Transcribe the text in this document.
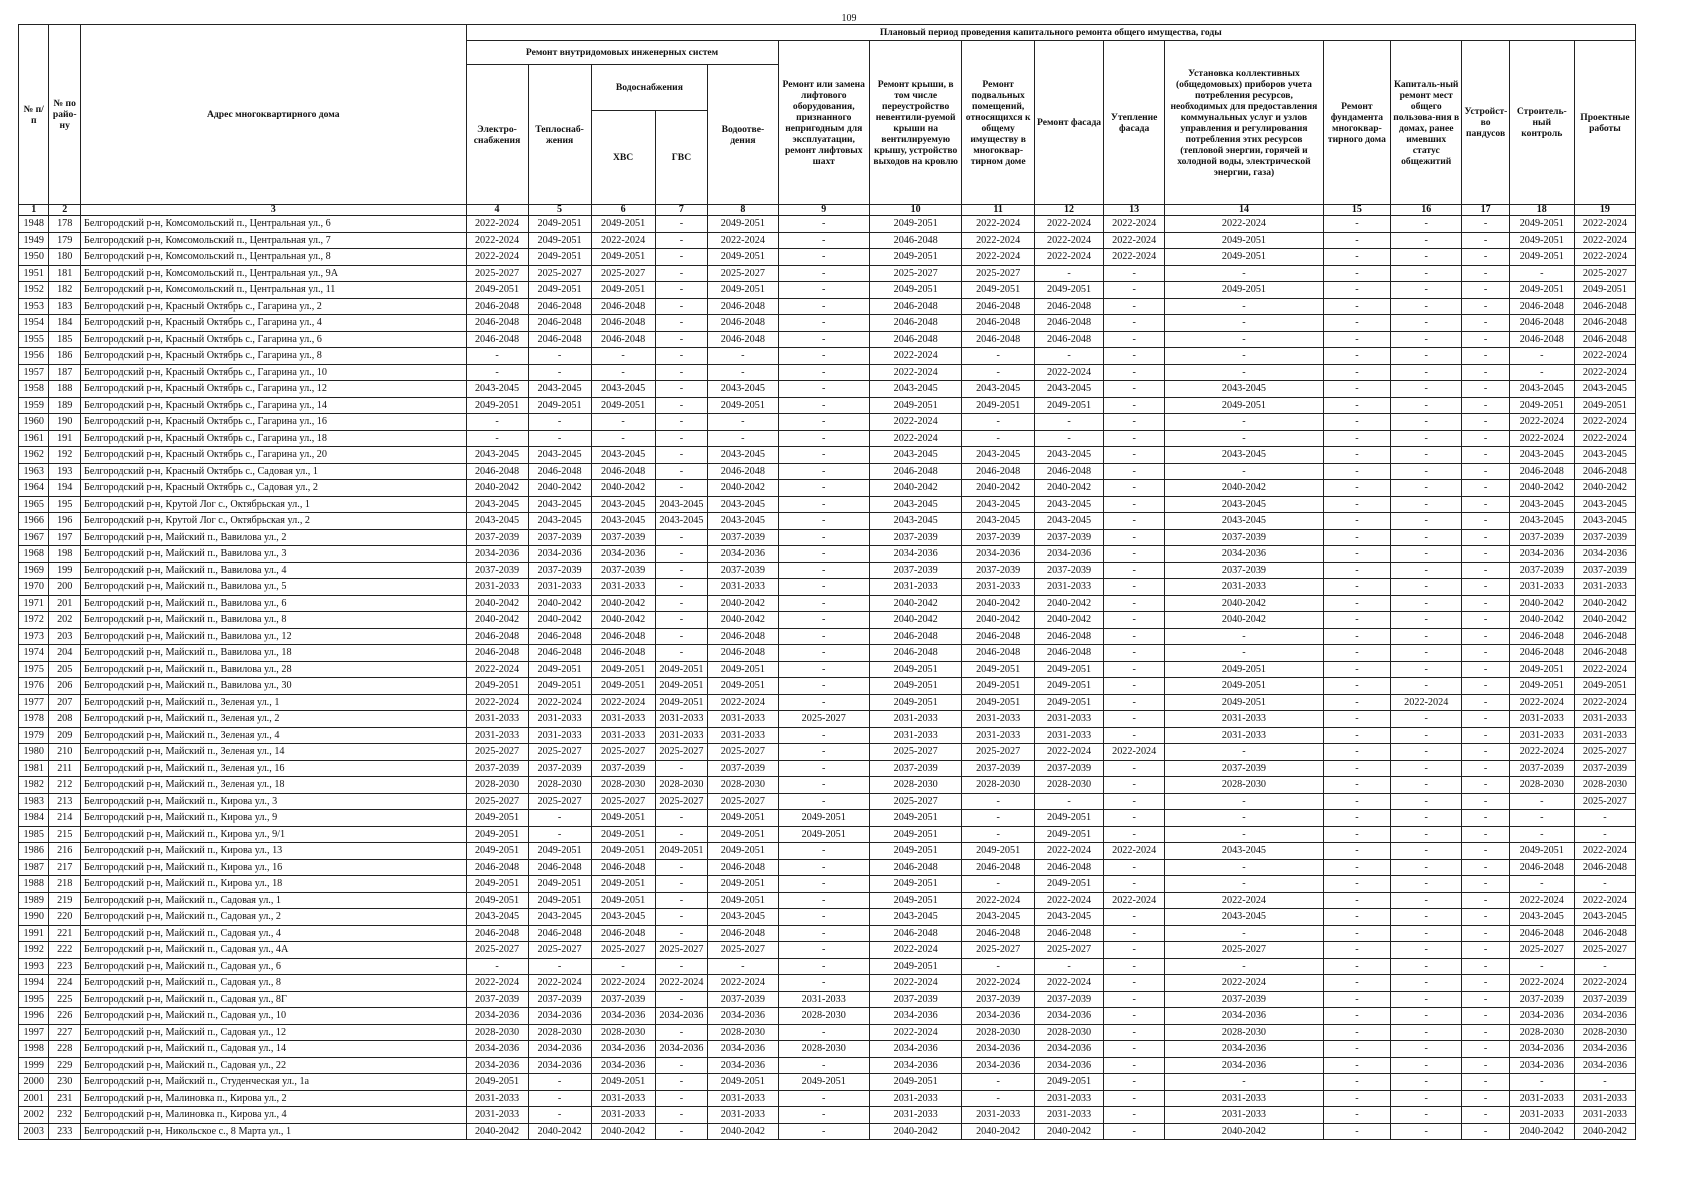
109
№ п/п	№ по райо-ну	Адрес многоквартирного дома	Плановый период проведения капитального ремонта общего имущества, годы															
			Ремонт внутридомовых инженерных систем					Ремонт или замена лифтового оборудования, признанного непригодным для эксплуатации, ремонт лифтовых шахт	Ремонт крыши, в том числе переустройство невентили-руемой крыши на вентилируемую крышу, устройство выходов на кровлю	Ремонт подвальных помещений, относящихся к общему имуществу в многоквар-тирном доме	Ремонт фасада	Утепление фасада	Установка коллективных (общедомовых) приборов учета потребления ресурсов, необходимых для предоставления коммунальных услуг и узлов управления и регулирования потребления этих ресурсов (тепловой энергии, горячей и холодной воды, электрической энергии, газа)	Ремонт фундамента многоквар-тирного дома	Капиталь-ный ремонт мест общего пользова-ния в домах, ранее имевших статус общежитий	Устройст-во пандусов	Строитель-ный контроль	Проектные работы
			Электро-снабжения	Теплоснаб-жения	Водоснабжения		Водоотве-дения											
					ХВС	ГВС												
1	2	3	4	5	6	7	8	9	10	11	12	13	14	15	16	17	18	19
1948	178	Белгородский р-н, Комсомольский п., Центральная ул., 6	2022-2024	2049-2051	2049-2051	-	2049-2051	-	2049-2051	2022-2024	2022-2024	2022-2024	2022-2024	-	-	-	2049-2051	2022-2024
1949	179	Белгородский р-н, Комсомольский п., Центральная ул., 7	2022-2024	2049-2051	2022-2024	-	2022-2024	-	2046-2048	2022-2024	2022-2024	2022-2024	2049-2051	-	-	-	2049-2051	2022-2024
1950	180	Белгородский р-н, Комсомольский п., Центральная ул., 8	2022-2024	2049-2051	2049-2051	-	2049-2051	-	2049-2051	2022-2024	2022-2024	2022-2024	2049-2051	-	-	-	2049-2051	2022-2024
1951	181	Белгородский р-н, Комсомольский п., Центральная ул., 9А	2025-2027	2025-2027	2025-2027	-	2025-2027	-	2025-2027	2025-2027	-	-	-	-	-	-	-	2025-2027
1952	182	Белгородский р-н, Комсомольский п., Центральная ул., 11	2049-2051	2049-2051	2049-2051	-	2049-2051	-	2049-2051	2049-2051	2049-2051	-	2049-2051	-	-	-	2049-2051	2049-2051
1953	183	Белгородский р-н, Красный Октябрь с., Гагарина ул., 2	2046-2048	2046-2048	2046-2048	-	2046-2048	-	2046-2048	2046-2048	2046-2048	-	-	-	-	-	2046-2048	2046-2048
1954	184	Белгородский р-н, Красный Октябрь с., Гагарина ул., 4	2046-2048	2046-2048	2046-2048	-	2046-2048	-	2046-2048	2046-2048	2046-2048	-	-	-	-	-	2046-2048	2046-2048
1955	185	Белгородский р-н, Красный Октябрь с., Гагарина ул., 6	2046-2048	2046-2048	2046-2048	-	2046-2048	-	2046-2048	2046-2048	2046-2048	-	-	-	-	-	2046-2048	2046-2048
1956	186	Белгородский р-н, Красный Октябрь с., Гагарина ул., 8	-	-	-	-	-	-	2022-2024	-	-	-	-	-	-	-	-	2022-2024
1957	187	Белгородский р-н, Красный Октябрь с., Гагарина ул., 10	-	-	-	-	-	-	2022-2024	-	2022-2024	-	-	-	-	-	-	2022-2024
1958	188	Белгородский р-н, Красный Октябрь с., Гагарина ул., 12	2043-2045	2043-2045	2043-2045	-	2043-2045	-	2043-2045	2043-2045	2043-2045	-	2043-2045	-	-	-	2043-2045	2043-2045
1959	189	Белгородский р-н, Красный Октябрь с., Гагарина ул., 14	2049-2051	2049-2051	2049-2051	-	2049-2051	-	2049-2051	2049-2051	2049-2051	-	2049-2051	-	-	-	2049-2051	2049-2051
1960	190	Белгородский р-н, Красный Октябрь с., Гагарина ул., 16	-	-	-	-	-	-	2022-2024	-	-	-	-	-	-	-	2022-2024	2022-2024
1961	191	Белгородский р-н, Красный Октябрь с., Гагарина ул., 18	-	-	-	-	-	-	2022-2024	-	-	-	-	-	-	-	2022-2024	2022-2024
1962	192	Белгородский р-н, Красный Октябрь с., Гагарина ул., 20	2043-2045	2043-2045	2043-2045	-	2043-2045	-	2043-2045	2043-2045	2043-2045	-	2043-2045	-	-	-	2043-2045	2043-2045
1963	193	Белгородский р-н, Красный Октябрь с., Садовая ул., 1	2046-2048	2046-2048	2046-2048	-	2046-2048	-	2046-2048	2046-2048	2046-2048	-	-	-	-	-	2046-2048	2046-2048
1964	194	Белгородский р-н, Красный Октябрь с., Садовая ул., 2	2040-2042	2040-2042	2040-2042	-	2040-2042	-	2040-2042	2040-2042	2040-2042	-	2040-2042	-	-	-	2040-2042	2040-2042
1965	195	Белгородский р-н, Крутой Лог с., Октябрьская ул., 1	2043-2045	2043-2045	2043-2045	2043-2045	2043-2045	-	2043-2045	2043-2045	2043-2045	-	2043-2045	-	-	-	2043-2045	2043-2045
1966	196	Белгородский р-н, Крутой Лог с., Октябрьская ул., 2	2043-2045	2043-2045	2043-2045	2043-2045	2043-2045	-	2043-2045	2043-2045	2043-2045	-	2043-2045	-	-	-	2043-2045	2043-2045
1967	197	Белгородский р-н, Майский п., Вавилова ул., 2	2037-2039	2037-2039	2037-2039	-	2037-2039	-	2037-2039	2037-2039	2037-2039	-	2037-2039	-	-	-	2037-2039	2037-2039
1968	198	Белгородский р-н, Майский п., Вавилова ул., 3	2034-2036	2034-2036	2034-2036	-	2034-2036	-	2034-2036	2034-2036	2034-2036	-	2034-2036	-	-	-	2034-2036	2034-2036
1969	199	Белгородский р-н, Майский п., Вавилова ул., 4	2037-2039	2037-2039	2037-2039	-	2037-2039	-	2037-2039	2037-2039	2037-2039	-	2037-2039	-	-	-	2037-2039	2037-2039
1970	200	Белгородский р-н, Майский п., Вавилова ул., 5	2031-2033	2031-2033	2031-2033	-	2031-2033	-	2031-2033	2031-2033	2031-2033	-	2031-2033	-	-	-	2031-2033	2031-2033
1971	201	Белгородский р-н, Майский п., Вавилова ул., 6	2040-2042	2040-2042	2040-2042	-	2040-2042	-	2040-2042	2040-2042	2040-2042	-	2040-2042	-	-	-	2040-2042	2040-2042
1972	202	Белгородский р-н, Майский п., Вавилова ул., 8	2040-2042	2040-2042	2040-2042	-	2040-2042	-	2040-2042	2040-2042	2040-2042	-	2040-2042	-	-	-	2040-2042	2040-2042
1973	203	Белгородский р-н, Майский п., Вавилова ул., 12	2046-2048	2046-2048	2046-2048	-	2046-2048	-	2046-2048	2046-2048	2046-2048	-	-	-	-	-	2046-2048	2046-2048
1974	204	Белгородский р-н, Майский п., Вавилова ул., 18	2046-2048	2046-2048	2046-2048	-	2046-2048	-	2046-2048	2046-2048	2046-2048	-	-	-	-	-	2046-2048	2046-2048
1975	205	Белгородский р-н, Майский п., Вавилова ул., 28	2022-2024	2049-2051	2049-2051	2049-2051	2049-2051	-	2049-2051	2049-2051	2049-2051	-	2049-2051	-	-	-	2049-2051	2022-2024
1976	206	Белгородский р-н, Майский п., Вавилова ул., 30	2049-2051	2049-2051	2049-2051	2049-2051	2049-2051	-	2049-2051	2049-2051	2049-2051	-	2049-2051	-	-	-	2049-2051	2049-2051
1977	207	Белгородский р-н, Майский п., Зеленая ул., 1	2022-2024	2022-2024	2022-2024	2049-2051	2022-2024	-	2049-2051	2049-2051	2049-2051	-	2049-2051	-	2022-2024	-	2022-2024	2022-2024
1978	208	Белгородский р-н, Майский п., Зеленая ул., 2	2031-2033	2031-2033	2031-2033	2031-2033	2031-2033	2025-2027	2031-2033	2031-2033	2031-2033	-	2031-2033	-	-	-	2031-2033	2031-2033
1979	209	Белгородский р-н, Майский п., Зеленая ул., 4	2031-2033	2031-2033	2031-2033	2031-2033	2031-2033	-	2031-2033	2031-2033	2031-2033	-	2031-2033	-	-	-	2031-2033	2031-2033
1980	210	Белгородский р-н, Майский п., Зеленая ул., 14	2025-2027	2025-2027	2025-2027	2025-2027	2025-2027	-	2025-2027	2025-2027	2022-2024	2022-2024	-	-	-	-	2022-2024	2025-2027
1981	211	Белгородский р-н, Майский п., Зеленая ул., 16	2037-2039	2037-2039	2037-2039	-	2037-2039	-	2037-2039	2037-2039	2037-2039	-	2037-2039	-	-	-	2037-2039	2037-2039
1982	212	Белгородский р-н, Майский п., Зеленая ул., 18	2028-2030	2028-2030	2028-2030	2028-2030	2028-2030	-	2028-2030	2028-2030	2028-2030	-	2028-2030	-	-	-	2028-2030	2028-2030
1983	213	Белгородский р-н, Майский п., Кирова ул., 3	2025-2027	2025-2027	2025-2027	2025-2027	2025-2027	-	2025-2027	-	-	-	-	-	-	-	-	2025-2027
1984	214	Белгородский р-н, Майский п., Кирова ул., 9	2049-2051	-	2049-2051	-	2049-2051	2049-2051	2049-2051	-	2049-2051	-	-	-	-	-	-	-
1985	215	Белгородский р-н, Майский п., Кирова ул., 9/1	2049-2051	-	2049-2051	-	2049-2051	2049-2051	2049-2051	-	2049-2051	-	-	-	-	-	-	-
1986	216	Белгородский р-н, Майский п., Кирова ул., 13	2049-2051	2049-2051	2049-2051	2049-2051	2049-2051	-	2049-2051	2049-2051	2022-2024	2022-2024	2043-2045	-	-	-	2049-2051	2022-2024
1987	217	Белгородский р-н, Майский п., Кирова ул., 16	2046-2048	2046-2048	2046-2048	-	2046-2048	-	2046-2048	2046-2048	2046-2048	-	-	-	-	-	2046-2048	2046-2048
1988	218	Белгородский р-н, Майский п., Кирова ул., 18	2049-2051	2049-2051	2049-2051	-	2049-2051	-	2049-2051	-	2049-2051	-	-	-	-	-	-	-
1989	219	Белгородский р-н, Майский п., Садовая ул., 1	2049-2051	2049-2051	2049-2051	-	2049-2051	-	2049-2051	2022-2024	2022-2024	2022-2024	2022-2024	-	-	-	2022-2024	2022-2024
1990	220	Белгородский р-н, Майский п., Садовая ул., 2	2043-2045	2043-2045	2043-2045	-	2043-2045	-	2043-2045	2043-2045	2043-2045	-	2043-2045	-	-	-	2043-2045	2043-2045
1991	221	Белгородский р-н, Майский п., Садовая ул., 4	2046-2048	2046-2048	2046-2048	-	2046-2048	-	2046-2048	2046-2048	2046-2048	-	-	-	-	-	2046-2048	2046-2048
1992	222	Белгородский р-н, Майский п., Садовая ул., 4А	2025-2027	2025-2027	2025-2027	2025-2027	2025-2027	-	2022-2024	2025-2027	2025-2027	-	2025-2027	-	-	-	2025-2027	2025-2027
1993	223	Белгородский р-н, Майский п., Садовая ул., 6	-	-	-	-	-	-	2049-2051	-	-	-	-	-	-	-	-	-
1994	224	Белгородский р-н, Майский п., Садовая ул., 8	2022-2024	2022-2024	2022-2024	2022-2024	2022-2024	-	2022-2024	2022-2024	2022-2024	-	2022-2024	-	-	-	2022-2024	2022-2024
1995	225	Белгородский р-н, Майский п., Садовая ул., 8Г	2037-2039	2037-2039	2037-2039	-	2037-2039	2031-2033	2037-2039	2037-2039	2037-2039	-	2037-2039	-	-	-	2037-2039	2037-2039
1996	226	Белгородский р-н, Майский п., Садовая ул., 10	2034-2036	2034-2036	2034-2036	2034-2036	2034-2036	2028-2030	2034-2036	2034-2036	2034-2036	-	2034-2036	-	-	-	2034-2036	2034-2036
1997	227	Белгородский р-н, Майский п., Садовая ул., 12	2028-2030	2028-2030	2028-2030	-	2028-2030	-	2022-2024	2028-2030	2028-2030	-	2028-2030	-	-	-	2028-2030	2028-2030
1998	228	Белгородский р-н, Майский п., Садовая ул., 14	2034-2036	2034-2036	2034-2036	2034-2036	2034-2036	2028-2030	2034-2036	2034-2036	2034-2036	-	2034-2036	-	-	-	2034-2036	2034-2036
1999	229	Белгородский р-н, Майский п., Садовая ул., 22	2034-2036	2034-2036	2034-2036	-	2034-2036	-	2034-2036	2034-2036	2034-2036	-	2034-2036	-	-	-	2034-2036	2034-2036
2000	230	Белгородский р-н, Майский п., Студенческая ул., 1а	2049-2051	-	2049-2051	-	2049-2051	2049-2051	2049-2051	-	2049-2051	-	-	-	-	-	-	-
2001	231	Белгородский р-н, Малиновка п., Кирова ул., 2	2031-2033	-	2031-2033	-	2031-2033	-	2031-2033	-	2031-2033	-	2031-2033	-	-	-	2031-2033	2031-2033
2002	232	Белгородский р-н, Малиновка п., Кирова ул., 4	2031-2033	-	2031-2033	-	2031-2033	-	2031-2033	2031-2033	2031-2033	-	2031-2033	-	-	-	2031-2033	2031-2033
2003	233	Белгородский р-н, Никольское с., 8 Марта ул., 1	2040-2042	2040-2042	2040-2042	-	2040-2042	-	2040-2042	2040-2042	2040-2042	-	2040-2042	-	-	-	2040-2042	2040-2042
